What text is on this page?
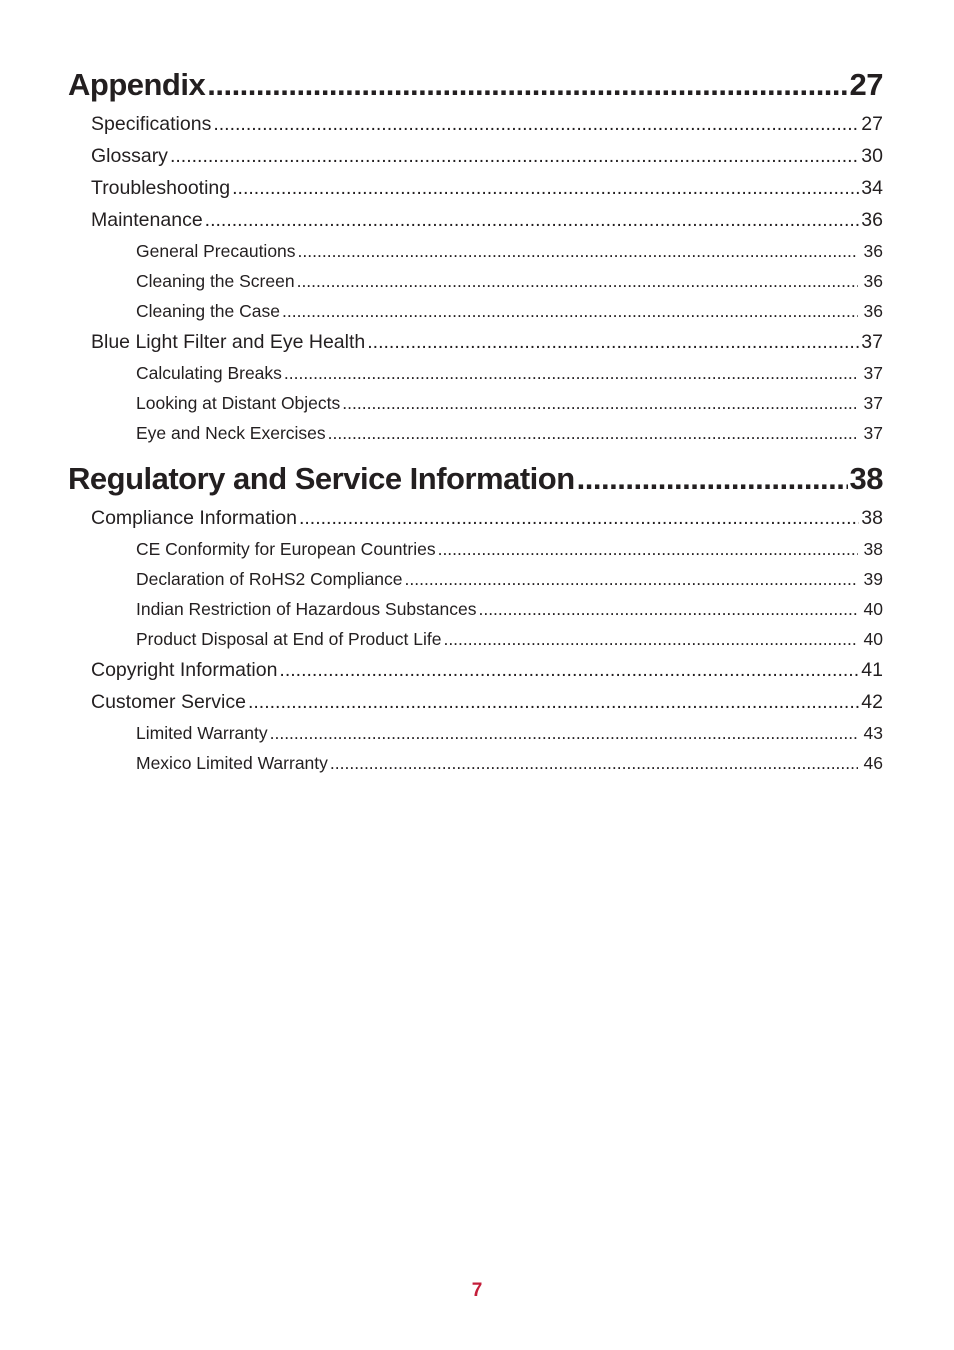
Appendix .....	27
Specifications .....	27
Glossary .....	30
Troubleshooting .....	34
Maintenance .....	36
General Precautions .....	36
Cleaning the Screen .....	36
Cleaning the Case .....	36
Blue Light Filter and Eye Health .....	37
Calculating Breaks .....	37
Looking at Distant Objects .....	37
Eye and Neck Exercises .....	37
Regulatory and Service Information .....	38
Compliance Information .....	38
CE Conformity for European Countries .....	38
Declaration of RoHS2 Compliance .....	39
Indian Restriction of Hazardous Substances .....	40
Product Disposal at End of Product Life .....	40
Copyright Information .....	41
Customer Service .....	42
Limited Warranty .....	43
Mexico Limited Warranty .....	46
7
